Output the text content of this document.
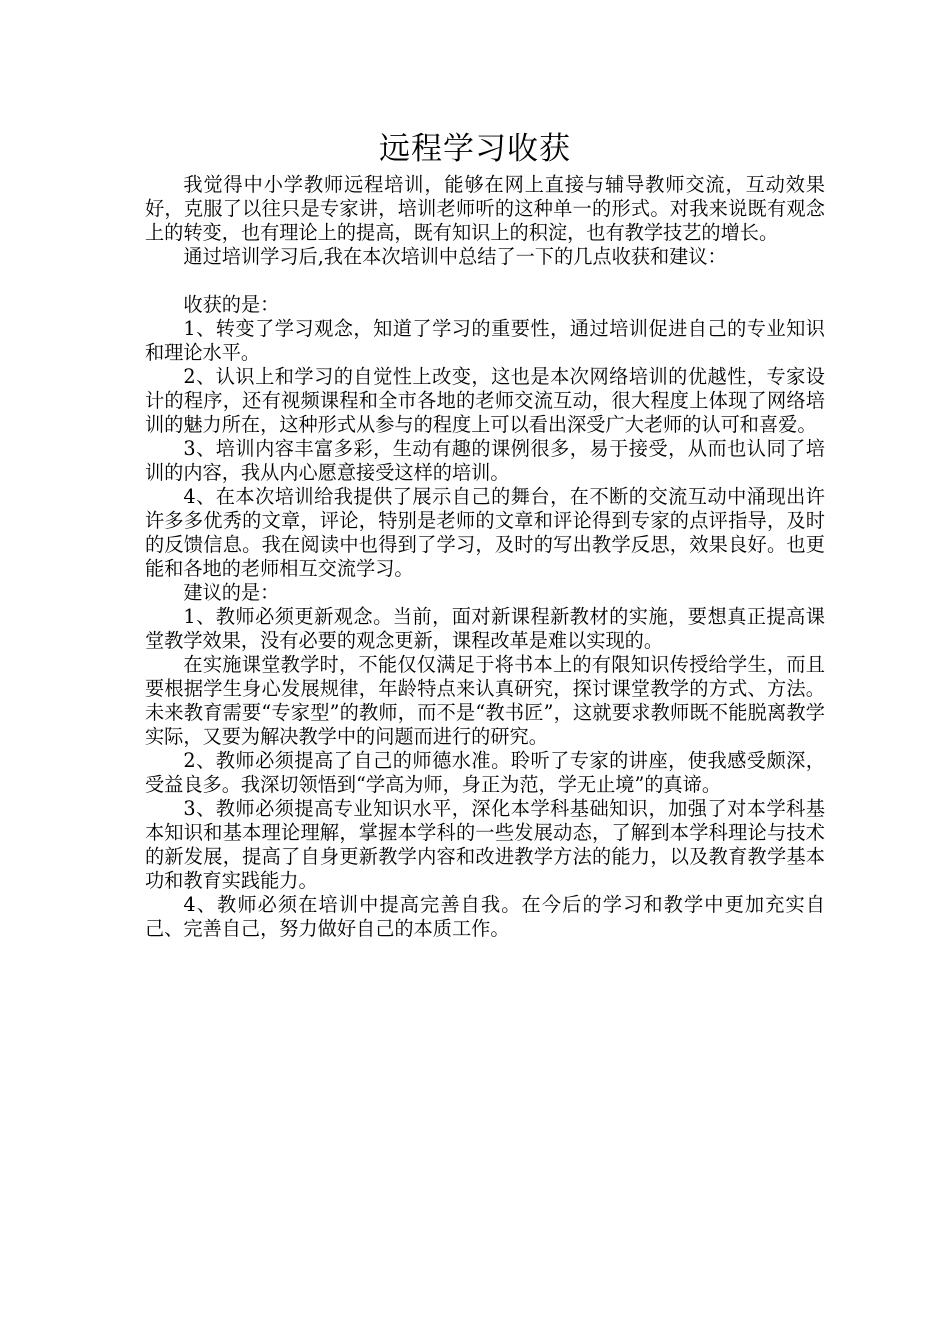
远程学习收获

我觉得中小学教师远程培训，能够在网上直接与辅导教师交流，互动效果好，克服了以往只是专家讲，培训老师听的这种单一的形式。对我来说既有观念上的转变，也有理论上的提高，既有知识上的积淀，也有教学技艺的增长。

通过培训学习后,我在本次培训中总结了一下的几点收获和建议：

收获的是：

1、转变了学习观念，知道了学习的重要性，通过培训促进自己的专业知识和理论水平。

2、认识上和学习的自觉性上改变，这也是本次网络培训的优越性，专家设计的程序，还有视频课程和全市各地的老师交流互动，很大程度上体现了网络培训的魅力所在，这种形式从参与的程度上可以看出深受广大老师的认可和喜爱。

3、培训内容丰富多彩，生动有趣的课例很多，易于接受，从而也认同了培训的内容，我从内心愿意接受这样的培训。

4、在本次培训给我提供了展示自己的舞台，在不断的交流互动中涌现出许许多多优秀的文章，评论，特别是老师的文章和评论得到专家的点评指导，及时的反馈信息。我在阅读中也得到了学习，及时的写出教学反思，效果良好。也更能和各地的老师相互交流学习。

建议的是：

1、教师必须更新观念。当前，面对新课程新教材的实施，要想真正提高课堂教学效果，没有必要的观念更新，课程改革是难以实现的。

在实施课堂教学时，不能仅仅满足于将书本上的有限知识传授给学生，而且要根据学生身心发展规律，年龄特点来认真研究，探讨课堂教学的方式、方法。未来教育需要“专家型”的教师，而不是“教书匠”，这就要求教师既不能脱离教学实际，又要为解决教学中的问题而进行的研究。

2、教师必须提高了自己的师德水准。聆听了专家的讲座，使我感受颇深，受益良多。我深切领悟到“学高为师，身正为范，学无止境”的真谛。

3、教师必须提高专业知识水平，深化本学科基础知识，加强了对本学科基本知识和基本理论理解，掌握本学科的一些发展动态，了解到本学科理论与技术的新发展，提高了自身更新教学内容和改进教学方法的能力，以及教育教学基本功和教育实践能力。

4、教师必须在培训中提高完善自我。在今后的学习和教学中更加充实自己、完善自己，努力做好自己的本质工作。
